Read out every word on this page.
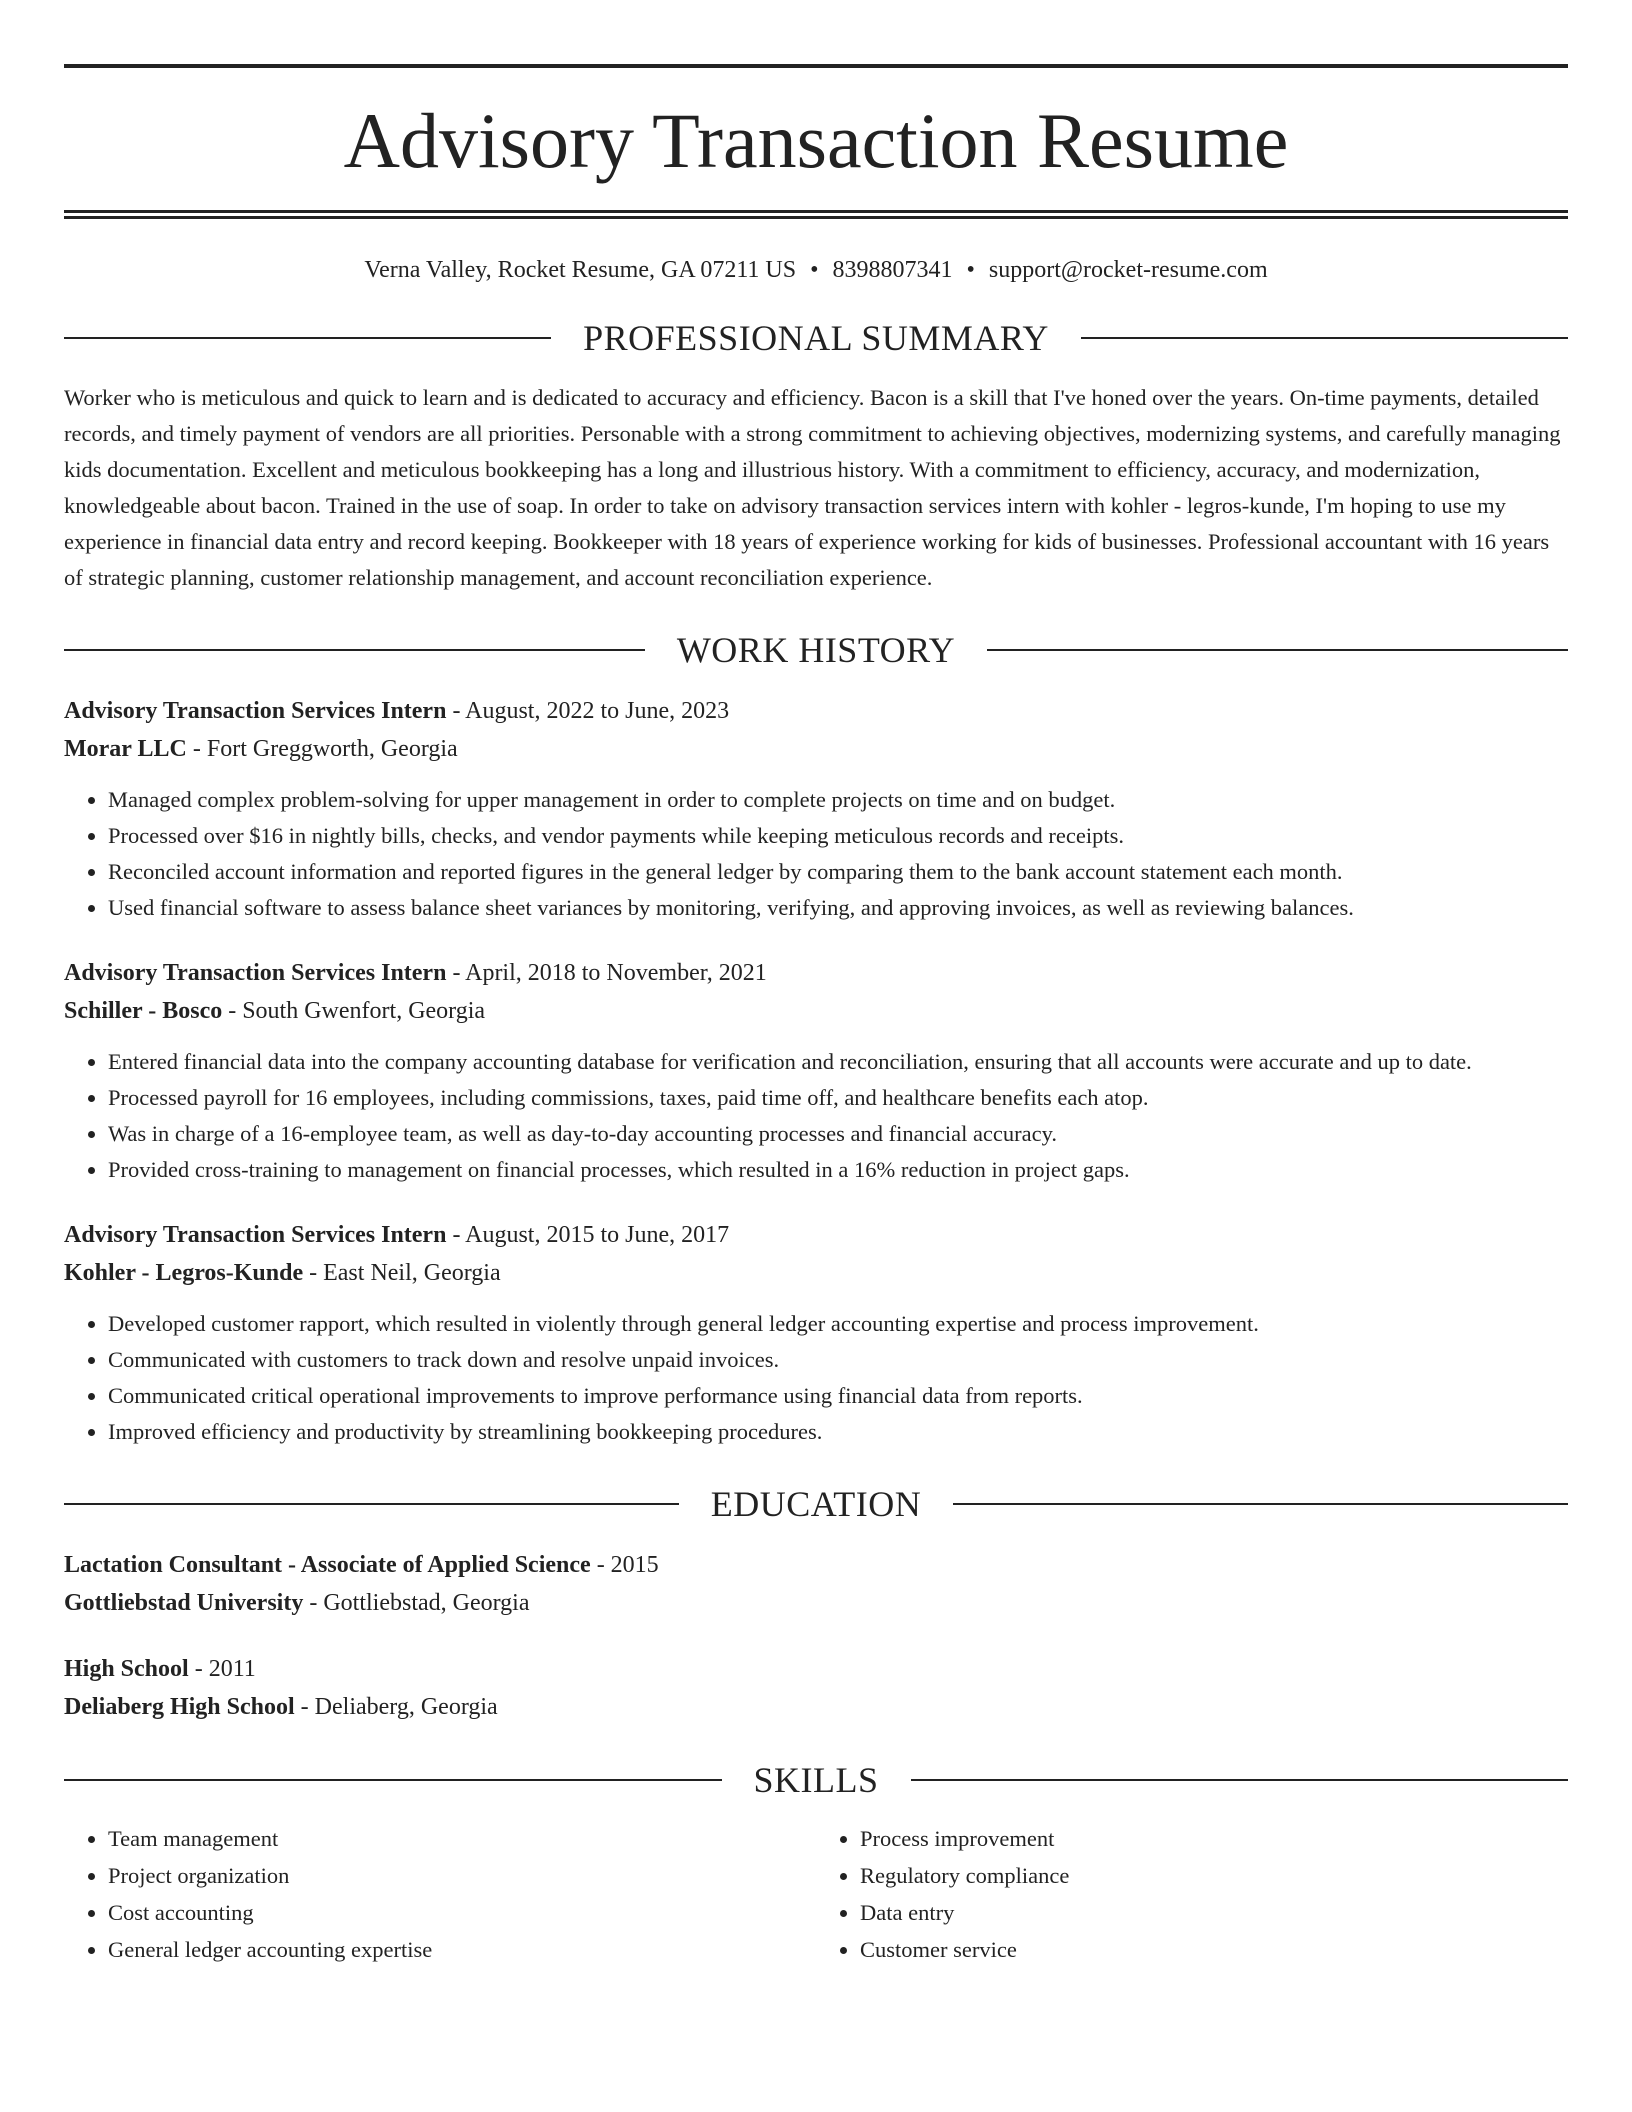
Advisory Transaction Resume
Verna Valley, Rocket Resume, GA 07211 US • 8398807341 • support@rocket-resume.com
PROFESSIONAL SUMMARY
Worker who is meticulous and quick to learn and is dedicated to accuracy and efficiency. Bacon is a skill that I've honed over the years. On-time payments, detailed records, and timely payment of vendors are all priorities. Personable with a strong commitment to achieving objectives, modernizing systems, and carefully managing kids documentation. Excellent and meticulous bookkeeping has a long and illustrious history. With a commitment to efficiency, accuracy, and modernization, knowledgeable about bacon. Trained in the use of soap. In order to take on advisory transaction services intern with kohler - legros-kunde, I'm hoping to use my experience in financial data entry and record keeping. Bookkeeper with 18 years of experience working for kids of businesses. Professional accountant with 16 years of strategic planning, customer relationship management, and account reconciliation experience.
WORK HISTORY
Advisory Transaction Services Intern - August, 2022 to June, 2023
Morar LLC - Fort Greggworth, Georgia
• Managed complex problem-solving for upper management in order to complete projects on time and on budget.
• Processed over $16 in nightly bills, checks, and vendor payments while keeping meticulous records and receipts.
• Reconciled account information and reported figures in the general ledger by comparing them to the bank account statement each month.
• Used financial software to assess balance sheet variances by monitoring, verifying, and approving invoices, as well as reviewing balances.
Advisory Transaction Services Intern - April, 2018 to November, 2021
Schiller - Bosco - South Gwenfort, Georgia
• Entered financial data into the company accounting database for verification and reconciliation, ensuring that all accounts were accurate and up to date.
• Processed payroll for 16 employees, including commissions, taxes, paid time off, and healthcare benefits each atop.
• Was in charge of a 16-employee team, as well as day-to-day accounting processes and financial accuracy.
• Provided cross-training to management on financial processes, which resulted in a 16% reduction in project gaps.
Advisory Transaction Services Intern - August, 2015 to June, 2017
Kohler - Legros-Kunde - East Neil, Georgia
• Developed customer rapport, which resulted in violently through general ledger accounting expertise and process improvement.
• Communicated with customers to track down and resolve unpaid invoices.
• Communicated critical operational improvements to improve performance using financial data from reports.
• Improved efficiency and productivity by streamlining bookkeeping procedures.
EDUCATION
Lactation Consultant - Associate of Applied Science - 2015
Gottliebstad University - Gottliebstad, Georgia
High School - 2011
Deliaberg High School - Deliaberg, Georgia
SKILLS
• Team management
• Project organization
• Cost accounting
• General ledger accounting expertise
• Process improvement
• Regulatory compliance
• Data entry
• Customer service
